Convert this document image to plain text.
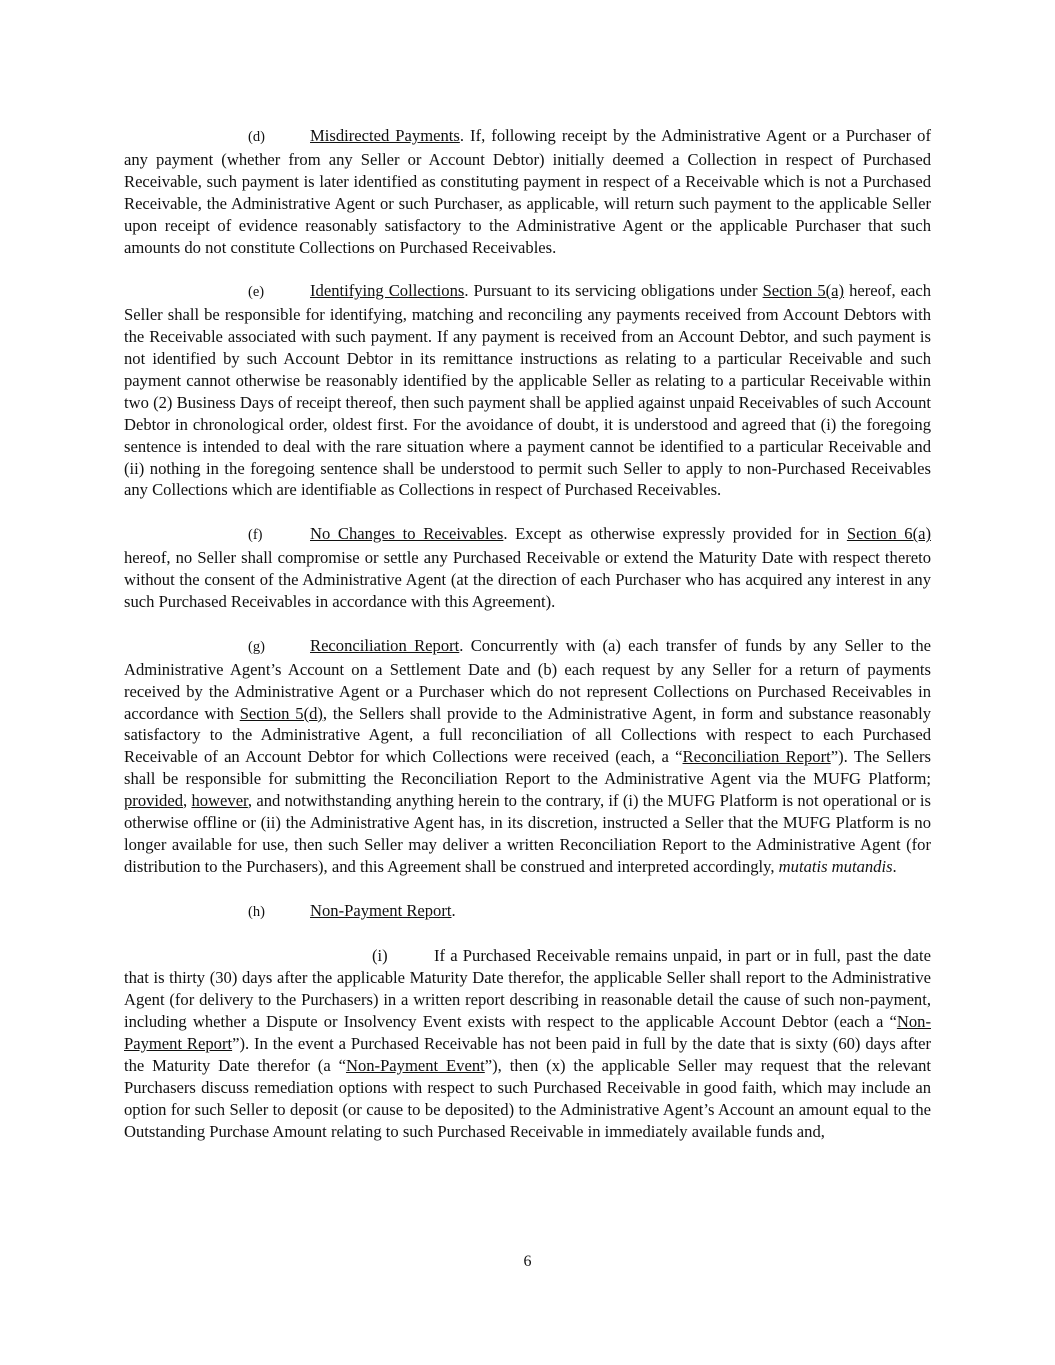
(d)	Misdirected Payments. If, following receipt by the Administrative Agent or a Purchaser of any payment (whether from any Seller or Account Debtor) initially deemed a Collection in respect of Purchased Receivable, such payment is later identified as constituting payment in respect of a Receivable which is not a Purchased Receivable, the Administrative Agent or such Purchaser, as applicable, will return such payment to the applicable Seller upon receipt of evidence reasonably satisfactory to the Administrative Agent or the applicable Purchaser that such amounts do not constitute Collections on Purchased Receivables.

(e)	Identifying Collections. Pursuant to its servicing obligations under Section 5(a) hereof, each Seller shall be responsible for identifying, matching and reconciling any payments received from Account Debtors with the Receivable associated with such payment. If any payment is received from an Account Debtor, and such payment is not identified by such Account Debtor in its remittance instructions as relating to a particular Receivable and such payment cannot otherwise be reasonably identified by the applicable Seller as relating to a particular Receivable within two (2) Business Days of receipt thereof, then such payment shall be applied against unpaid Receivables of such Account Debtor in chronological order, oldest first. For the avoidance of doubt, it is understood and agreed that (i) the foregoing sentence is intended to deal with the rare situation where a payment cannot be identified to a particular Receivable and (ii) nothing in the foregoing sentence shall be understood to permit such Seller to apply to non-Purchased Receivables any Collections which are identifiable as Collections in respect of Purchased Receivables.

(f)	No Changes to Receivables. Except as otherwise expressly provided for in Section 6(a) hereof, no Seller shall compromise or settle any Purchased Receivable or extend the Maturity Date with respect thereto without the consent of the Administrative Agent (at the direction of each Purchaser who has acquired any interest in any such Purchased Receivables in accordance with this Agreement).

(g)	Reconciliation Report. Concurrently with (a) each transfer of funds by any Seller to the Administrative Agent’s Account on a Settlement Date and (b) each request by any Seller for a return of payments received by the Administrative Agent or a Purchaser which do not represent Collections on Purchased Receivables in accordance with Section 5(d), the Sellers shall provide to the Administrative Agent, in form and substance reasonably satisfactory to the Administrative Agent, a full reconciliation of all Collections with respect to each Purchased Receivable of an Account Debtor for which Collections were received (each, a “Reconciliation Report”). The Sellers shall be responsible for submitting the Reconciliation Report to the Administrative Agent via the MUFG Platform; provided, however, and notwithstanding anything herein to the contrary, if (i) the MUFG Platform is not operational or is otherwise offline or (ii) the Administrative Agent has, in its discretion, instructed a Seller that the MUFG Platform is no longer available for use, then such Seller may deliver a written Reconciliation Report to the Administrative Agent (for distribution to the Purchasers), and this Agreement shall be construed and interpreted accordingly, mutatis mutandis.

(h)	Non-Payment Report.

(i)	If a Purchased Receivable remains unpaid, in part or in full, past the date that is thirty (30) days after the applicable Maturity Date therefor, the applicable Seller shall report to the Administrative Agent (for delivery to the Purchasers) in a written report describing in reasonable detail the cause of such non-payment, including whether a Dispute or Insolvency Event exists with respect to the applicable Account Debtor (each a “Non-Payment Report”). In the event a Purchased Receivable has not been paid in full by the date that is sixty (60) days after the Maturity Date therefor (a “Non-Payment Event”), then (x) the applicable Seller may request that the relevant Purchasers discuss remediation options with respect to such Purchased Receivable in good faith, which may include an option for such Seller to deposit (or cause to be deposited) to the Administrative Agent’s Account an amount equal to the Outstanding Purchase Amount relating to such Purchased Receivable in immediately available funds and,

6
